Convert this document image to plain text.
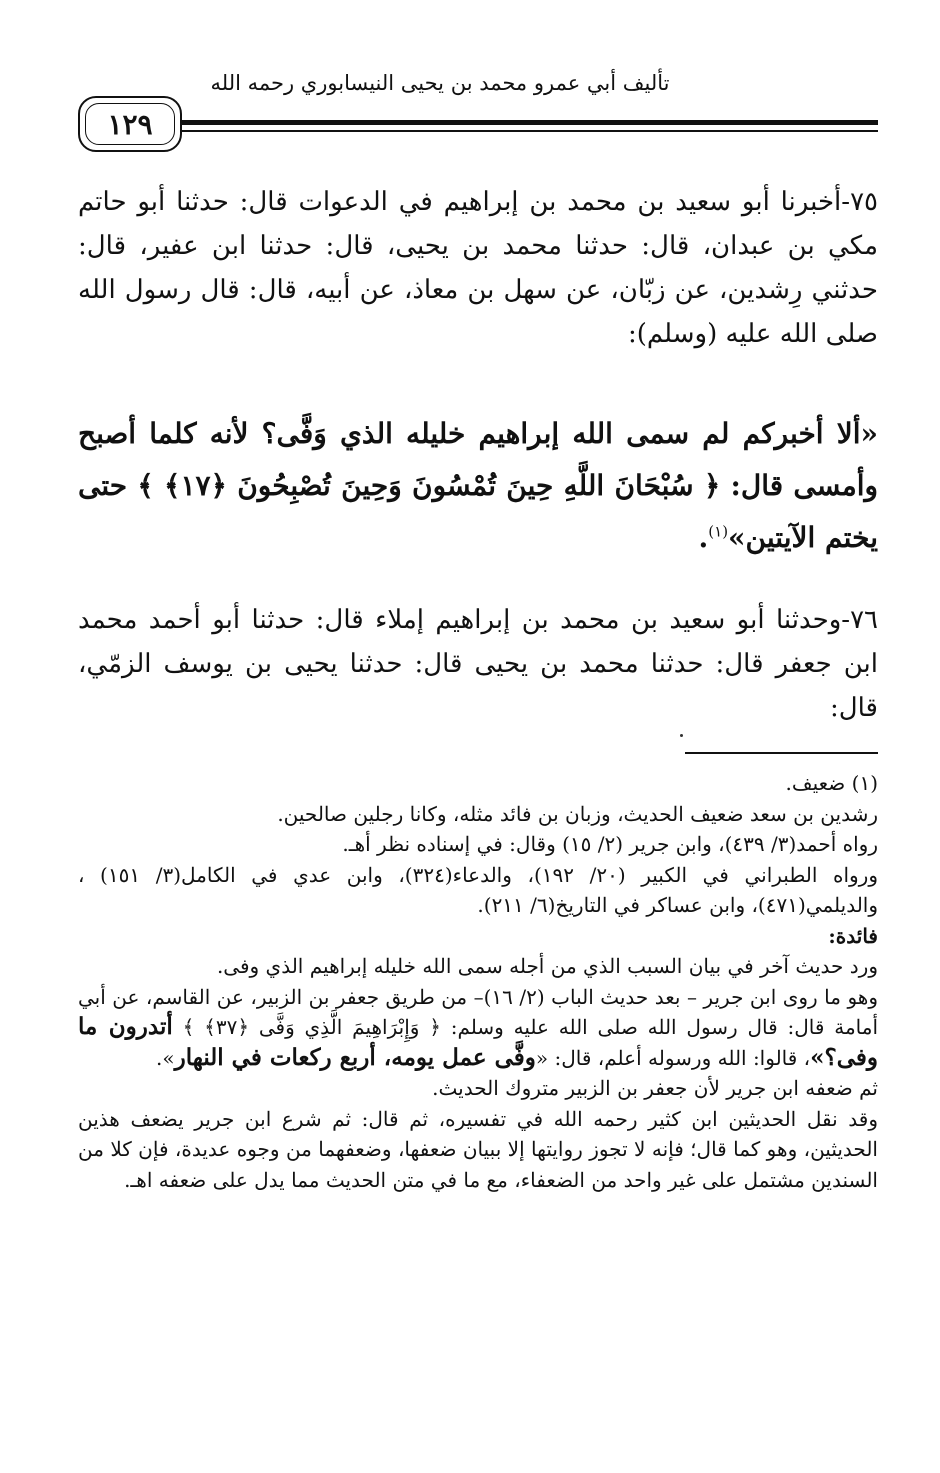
تأليف أبي عمرو محمد بن يحيى النيسابوري رحمه الله
١٢٩
٧٥-أخبرنا أبو سعيد بن محمد بن إبراهيم في الدعوات قال: حدثنا أبو حاتم مكي بن عبدان، قال: حدثنا محمد بن يحيى، قال: حدثنا ابن عفير، قال: حدثني رِشدين، عن زبّان، عن سهل بن معاذ، عن أبيه، قال: قال رسول الله صلى الله عليه (وسلم):
«ألا أخبركم لم سمى الله إبراهيم خليله الذي وَفَّى؟ لأنه كلما أصبح وأمسى قال: ﴿ سُبْحَانَ اللَّهِ حِينَ تُمْسُونَ وَحِينَ تُصْبِحُونَ ﴿١٧﴾ ﴾ حتى يختم الآيتين»$^{(١)}$.
٧٦-وحدثنا أبو سعيد بن محمد بن إبراهيم إملاء قال: حدثنا أبو أحمد محمد ابن جعفر قال: حدثنا محمد بن يحيى قال: حدثنا يحيى بن يوسف الزمّي، قال:

(١) ضعيف.

رشدين بن سعد ضعيف الحديث، وزبان بن فائد مثله، وكانا رجلين صالحين.

رواه أحمد(٣/ ٤٣٩)، وابن جرير (٢/ ١٥) وقال: في إسناده نظر أهـ.

ورواه الطبراني في الكبير (٢٠/ ١٩٢)، والدعاء(٣٢٤)، وابن عدي في الكامل(٣/ ١٥١) ، والديلمي(٤٧١)، وابن عساكر في التاريخ(٦/ ٢١١).

فائدة:

ورد حديث آخر في بيان السبب الذي من أجله سمى الله خليله إبراهيم الذي وفى.

وهو ما روى ابن جرير – بعد حديث الباب (٢/ ١٦)– من طريق جعفر بن الزبير، عن القاسم، عن أبي أمامة قال: قال رسول الله صلى الله عليه وسلم: ﴿ وَإِبْرَاهِيمَ الَّذِي وَفَّى ﴿٣٧﴾ ﴾ أتدرون ما وفى؟»، قالوا: الله ورسوله أعلم، قال: «وفَّى عمل يومه، أربع ركعات في النهار».

ثم ضعفه ابن جرير لأن جعفر بن الزبير متروك الحديث.

وقد نقل الحديثين ابن كثير رحمه الله في تفسيره، ثم قال: ثم شرع ابن جرير يضعف هذين الحديثين، وهو كما قال؛ فإنه لا تجوز روايتها إلا ببيان ضعفها، وضعفهما من وجوه عديدة، فإن كلا من السندين مشتمل على غير واحد من الضعفاء، مع ما في متن الحديث مما يدل على ضعفه اهـ.
